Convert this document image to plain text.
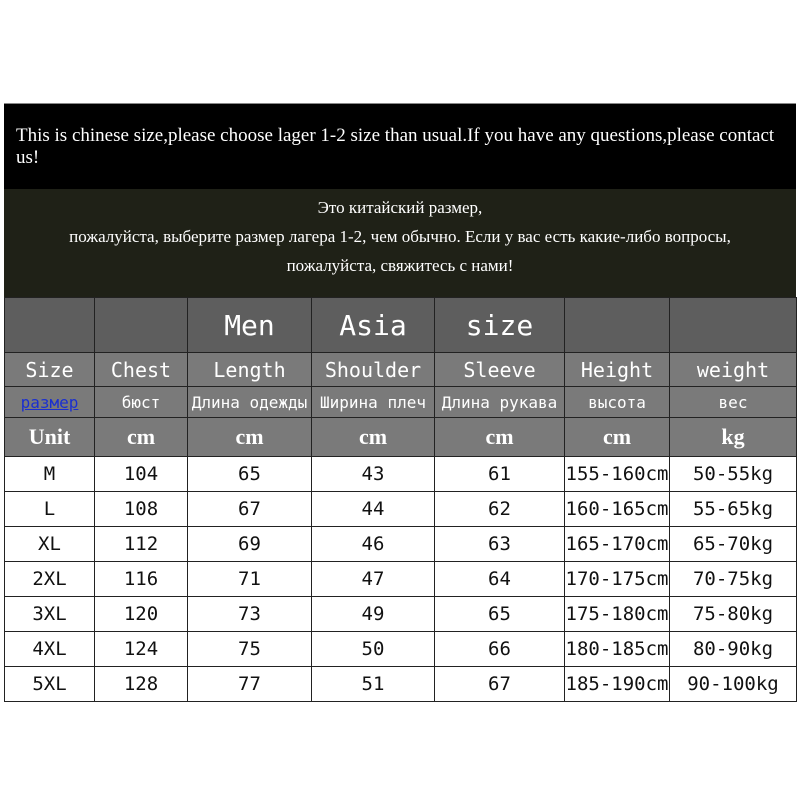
This is chinese size,please choose lager 1-2 size than usual.If you have any questions,please contact us!
Это китайский размер,
пожалуйста, выберите размер лагера 1-2, чем обычно. Если у вас есть какие-либо вопросы,
пожалуйста, свяжитесь с нами!
		Men	Asia	size		
Size	Chest	Length	Shoulder	Sleeve	Height	weight
размер	бюст	Длина одежды	Ширина плеч	Длина рукава	высота	вес
Unit	cm	cm	cm	cm	cm	kg
M	104	65	43	61	155-160cm	50-55kg
L	108	67	44	62	160-165cm	55-65kg
XL	112	69	46	63	165-170cm	65-70kg
2XL	116	71	47	64	170-175cm	70-75kg
3XL	120	73	49	65	175-180cm	75-80kg
4XL	124	75	50	66	180-185cm	80-90kg
5XL	128	77	51	67	185-190cm	90-100kg
